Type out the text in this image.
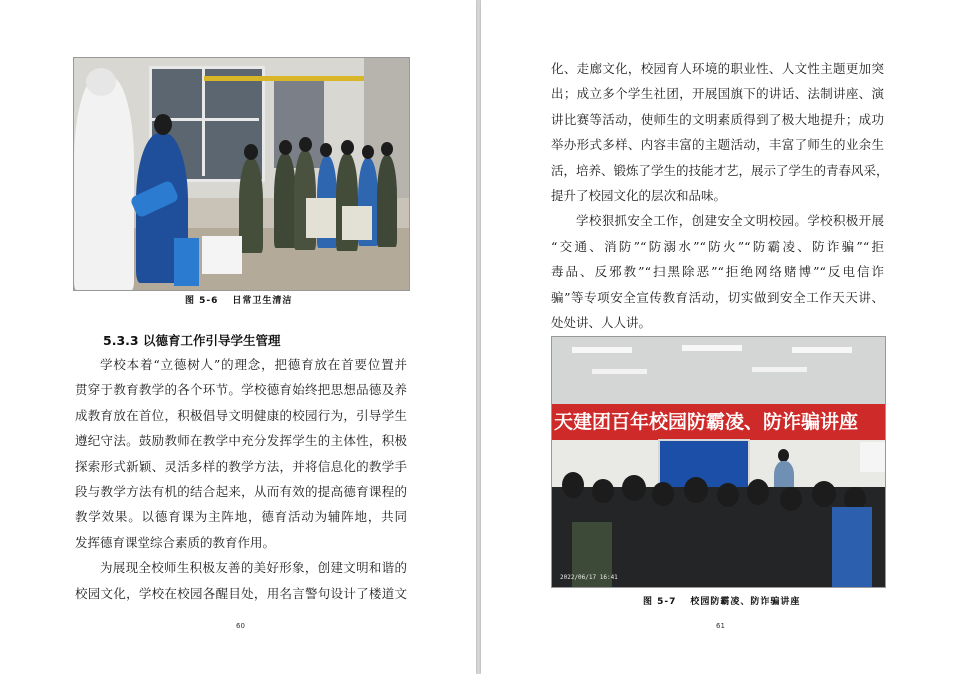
图 5-6 日常卫生清洁
5.3.3 以德育工作引导学生管理
学校本着“立德树人”的理念，把德育放在首要位置并
贯穿于教育教学的各个环节。学校德育始终把思想品德及养
成教育放在首位，积极倡导文明健康的校园行为，引导学生
遵纪守法。鼓励教师在教学中充分发挥学生的主体性，积极
探索形式新颖、灵活多样的教学方法，并将信息化的教学手
段与教学方法有机的结合起来，从而有效的提高德育课程的
教学效果。以德育课为主阵地，德育活动为辅阵地，共同
发挥德育课堂综合素质的教育作用。
为展现全校师生积极友善的美好形象，创建文明和谐的
校园文化，学校在校园各醒目处，用名言警句设计了楼道文
60
化、走廊文化，校园育人环境的职业性、人文性主题更加突
出；成立多个学生社团，开展国旗下的讲话、法制讲座、演
讲比赛等活动，使师生的文明素质得到了极大地提升；成功
举办形式多样、内容丰富的主题活动，丰富了师生的业余生
活，培养、锻炼了学生的技能才艺，展示了学生的青春风采，
提升了校园文化的层次和品味。
学校狠抓安全工作，创建安全文明校园。学校积极开展
“交通、消防”“防溺水”“防火”“防霸凌、防诈骗”“拒
毒品、反邪教”“扫黑除恶”“拒绝网络赌博”“反电信诈
骗”等专项安全宣传教育活动，切实做到安全工作天天讲、
处处讲、人人讲。
天建团百年校园防霸凌、防诈骗讲座
2022/06/17 16:41
图 5-7 校园防霸凌、防诈骗讲座
61
